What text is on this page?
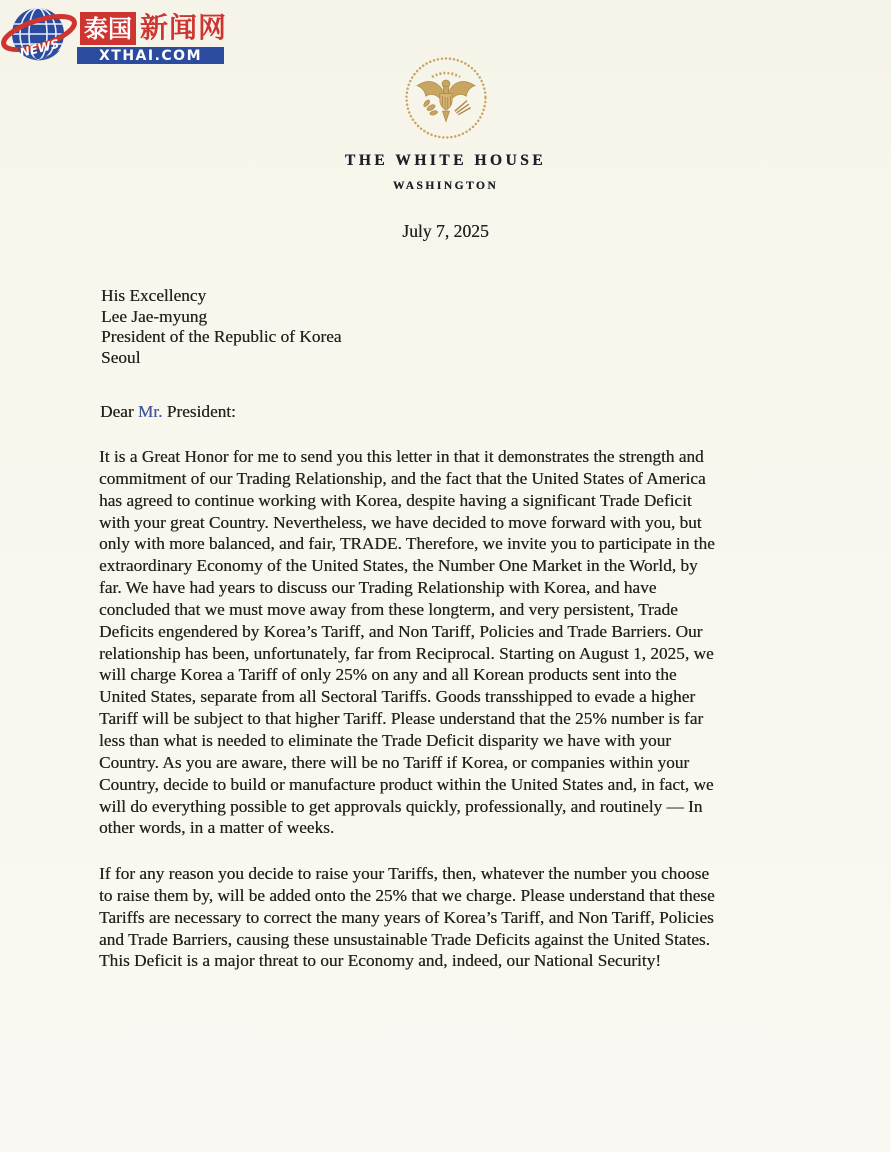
NEWS
泰国 新闻网
XTHAI.COM
THE WHITE HOUSE
WASHINGTON
July 7, 2025
His Excellency
Lee Jae-myung
President of the Republic of Korea
Seoul
Dear Mr. President:
It is a Great Honor for me to send you this letter in that it demonstrates the strength and
commitment of our Trading Relationship, and the fact that the United States of America
has agreed to continue working with Korea, despite having a significant Trade Deficit
with your great Country. Nevertheless, we have decided to move forward with you, but
only with more balanced, and fair, TRADE. Therefore, we invite you to participate in the
extraordinary Economy of the United States, the Number One Market in the World, by
far. We have had years to discuss our Trading Relationship with Korea, and have
concluded that we must move away from these longterm, and very persistent, Trade
Deficits engendered by Korea’s Tariff, and Non Tariff, Policies and Trade Barriers. Our
relationship has been, unfortunately, far from Reciprocal. Starting on August 1, 2025, we
will charge Korea a Tariff of only 25% on any and all Korean products sent into the
United States, separate from all Sectoral Tariffs. Goods transshipped to evade a higher
Tariff will be subject to that higher Tariff. Please understand that the 25% number is far
less than what is needed to eliminate the Trade Deficit disparity we have with your
Country. As you are aware, there will be no Tariff if Korea, or companies within your
Country, decide to build or manufacture product within the United States and, in fact, we
will do everything possible to get approvals quickly, professionally, and routinely — In
other words, in a matter of weeks.
If for any reason you decide to raise your Tariffs, then, whatever the number you choose
to raise them by, will be added onto the 25% that we charge. Please understand that these
Tariffs are necessary to correct the many years of Korea’s Tariff, and Non Tariff, Policies
and Trade Barriers, causing these unsustainable Trade Deficits against the United States.
This Deficit is a major threat to our Economy and, indeed, our National Security!
